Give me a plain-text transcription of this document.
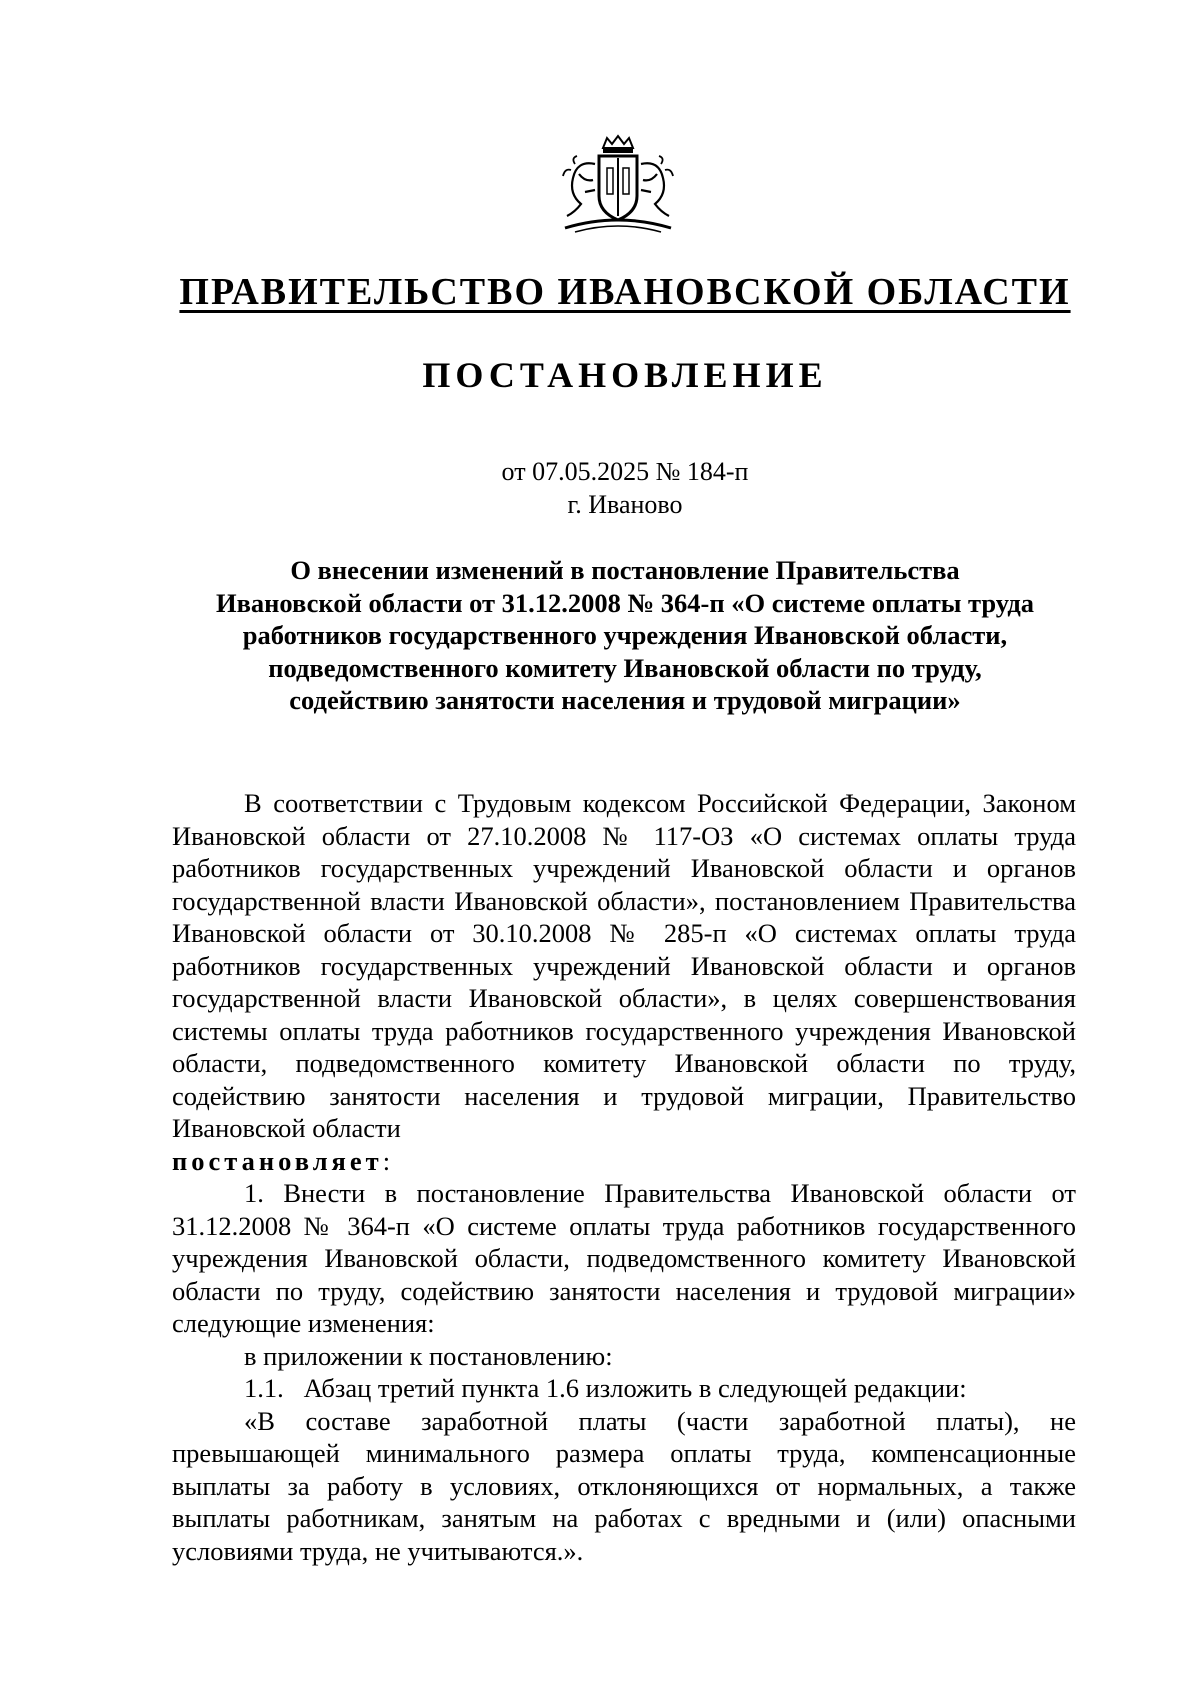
ПРАВИТЕЛЬСТВО ИВАНОВСКОЙ ОБЛАСТИ
ПОСТАНОВЛЕНИЕ
от 07.05.2025 № 184-п
г. Иваново
О внесении изменений в постановление Правительства
Ивановской области от 31.12.2008 № 364-п «О системе оплаты труда
работников государственного учреждения Ивановской области,
подведомственного комитету Ивановской области по труду,
содействию занятости населения и трудовой миграции»

В соответствии с Трудовым кодексом Российской Федерации, Законом Ивановской области от 27.10.2008 № 117-ОЗ «О системах оплаты труда работников государственных учреждений Ивановской области и органов государственной власти Ивановской области», постановлением Правительства Ивановской области от 30.10.2008 № 285-п «О системах оплаты труда работников государственных учреждений Ивановской области и органов государственной власти Ивановской области», в целях совершенствования системы оплаты труда работников государственного учреждения Ивановской области, подведомственного комитету Ивановской области по труду, содействию занятости населения и трудовой миграции, Правительство Ивановской области

постановляет:

1. Внести в постановление Правительства Ивановской области от 31.12.2008 № 364-п «О системе оплаты труда работников государственного учреждения Ивановской области, подведомственного комитету Ивановской области по труду, содействию занятости населения и трудовой миграции» следующие изменения:

в приложении к постановлению:

1.1.   Абзац третий пункта 1.6 изложить в следующей редакции:

«В составе заработной платы (части заработной платы), не превышающей минимального размера оплаты труда, компенсационные выплаты за работу в условиях, отклоняющихся от нормальных, а также выплаты работникам, занятым на работах с вредными и (или) опасными условиями труда, не учитываются.».
